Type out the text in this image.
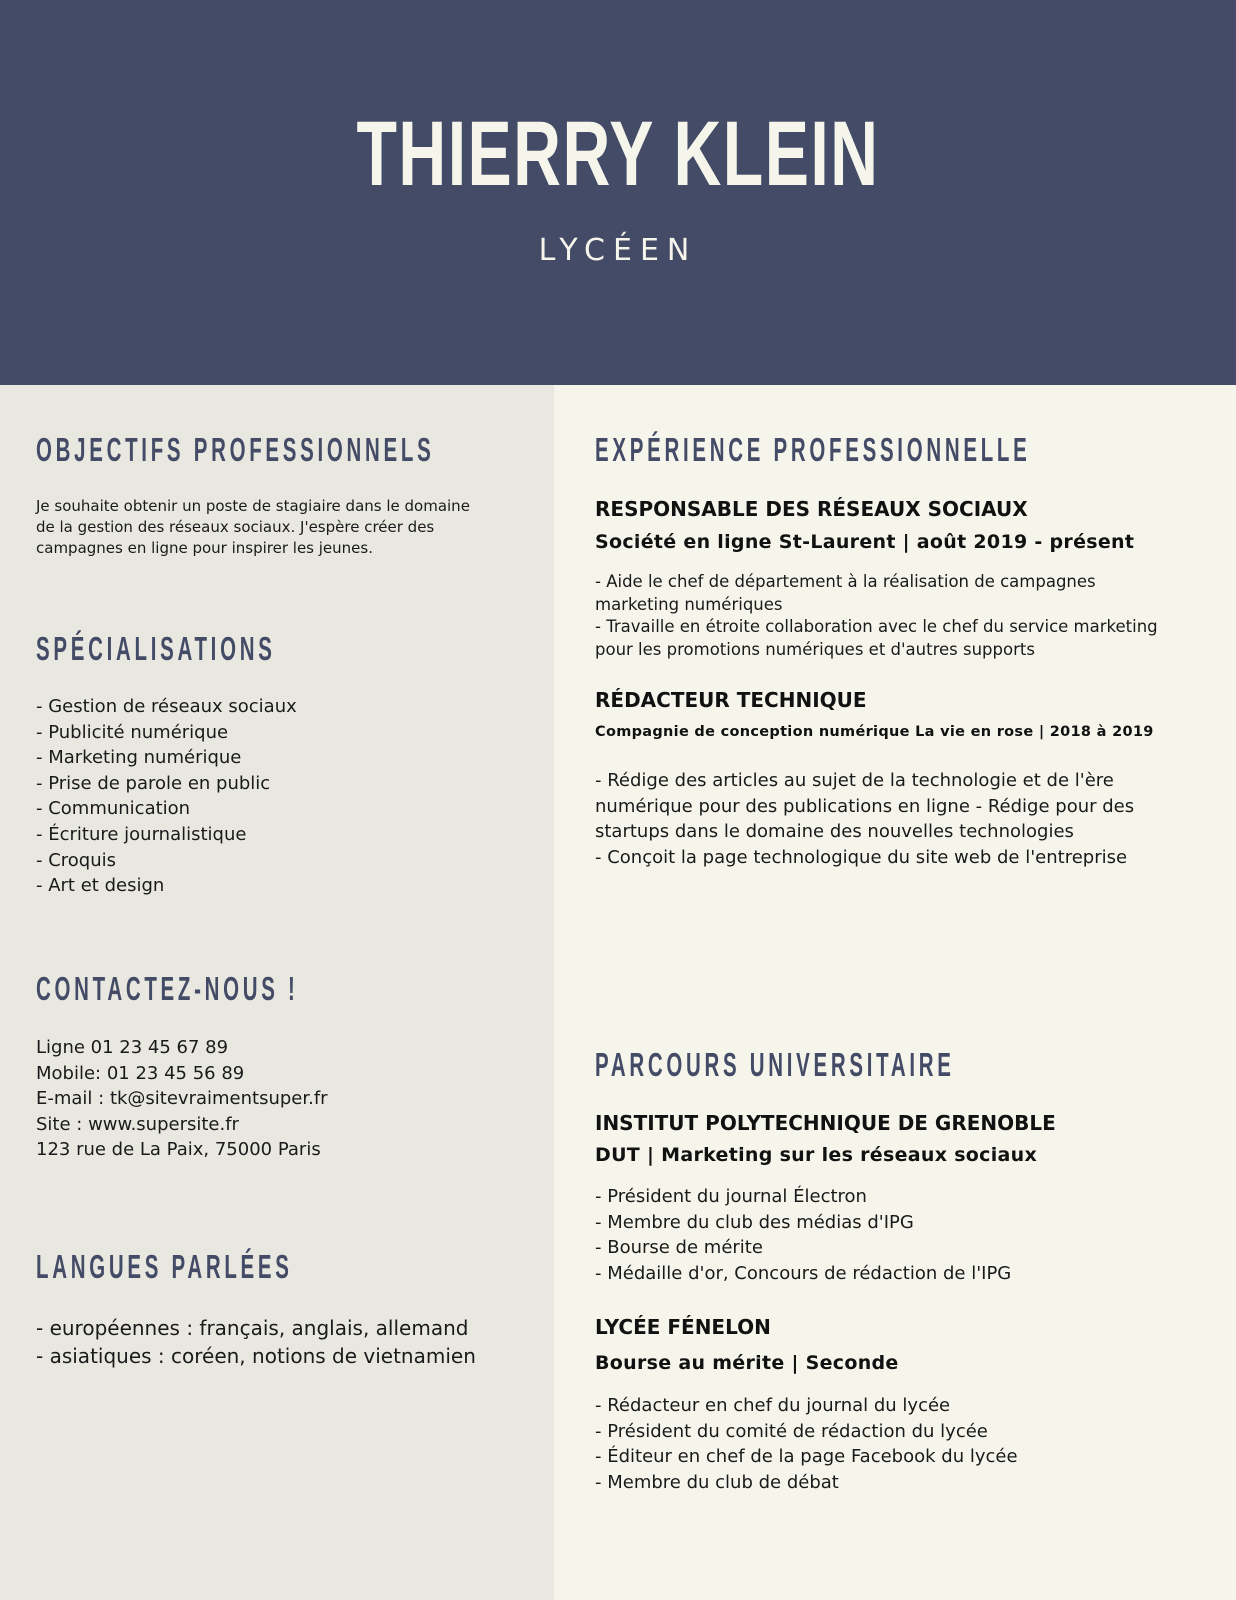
THIERRY KLEIN
LYCÉEN
OBJECTIFS PROFESSIONNELS
Je souhaite obtenir un poste de stagiaire dans le domaine
de la gestion des réseaux sociaux. J'espère créer des
campagnes en ligne pour inspirer les jeunes.
SPÉCIALISATIONS
- Gestion de réseaux sociaux
- Publicité numérique
- Marketing numérique
- Prise de parole en public
- Communication
- Écriture journalistique
- Croquis
- Art et design
CONTACTEZ-NOUS !
Ligne 01 23 45 67 89
Mobile: 01 23 45 56 89
E-mail : tk@sitevraimentsuper.fr
Site : www.supersite.fr
123 rue de La Paix, 75000 Paris
LANGUES PARLÉES
- européennes : français, anglais, allemand
- asiatiques : coréen, notions de vietnamien
EXPÉRIENCE PROFESSIONNELLE
RESPONSABLE DES RÉSEAUX SOCIAUX
Société en ligne St-Laurent | août 2019 - présent
- Aide le chef de département à la réalisation de campagnes
marketing numériques
- Travaille en étroite collaboration avec le chef du service marketing
pour les promotions numériques et d'autres supports
RÉDACTEUR TECHNIQUE
Compagnie de conception numérique La vie en rose | 2018 à 2019
- Rédige des articles au sujet de la technologie et de l'ère
numérique pour des publications en ligne - Rédige pour des
startups dans le domaine des nouvelles technologies
- Conçoit la page technologique du site web de l'entreprise
PARCOURS UNIVERSITAIRE
INSTITUT POLYTECHNIQUE DE GRENOBLE
DUT | Marketing sur les réseaux sociaux
- Président du journal Électron
- Membre du club des médias d'IPG
- Bourse de mérite
- Médaille d'or, Concours de rédaction de l'IPG
LYCÉE FÉNELON
Bourse au mérite | Seconde
- Rédacteur en chef du journal du lycée
- Président du comité de rédaction du lycée
- Éditeur en chef de la page Facebook du lycée
- Membre du club de débat
